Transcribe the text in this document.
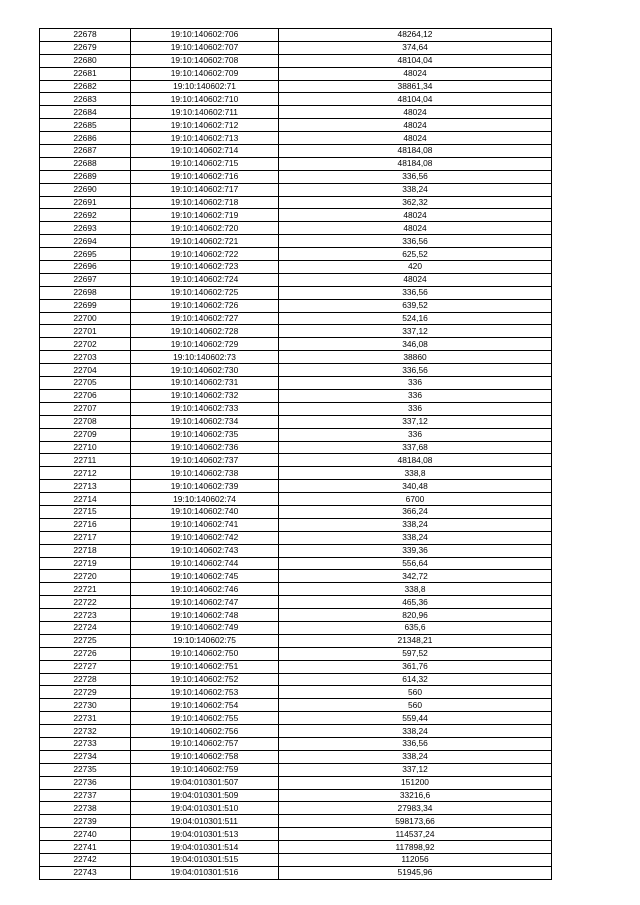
22678	19:10:140602:706	48264,12
22679	19:10:140602:707	374,64
22680	19:10:140602:708	48104,04
22681	19:10:140602:709	48024
22682	19:10:140602:71	38861,34
22683	19:10:140602:710	48104,04
22684	19:10:140602:711	48024
22685	19:10:140602:712	48024
22686	19:10:140602:713	48024
22687	19:10:140602:714	48184,08
22688	19:10:140602:715	48184,08
22689	19:10:140602:716	336,56
22690	19:10:140602:717	338,24
22691	19:10:140602:718	362,32
22692	19:10:140602:719	48024
22693	19:10:140602:720	48024
22694	19:10:140602:721	336,56
22695	19:10:140602:722	625,52
22696	19:10:140602:723	420
22697	19:10:140602:724	48024
22698	19:10:140602:725	336,56
22699	19:10:140602:726	639,52
22700	19:10:140602:727	524,16
22701	19:10:140602:728	337,12
22702	19:10:140602:729	346,08
22703	19:10:140602:73	38860
22704	19:10:140602:730	336,56
22705	19:10:140602:731	336
22706	19:10:140602:732	336
22707	19:10:140602:733	336
22708	19:10:140602:734	337,12
22709	19:10:140602:735	336
22710	19:10:140602:736	337,68
22711	19:10:140602:737	48184,08
22712	19:10:140602:738	338,8
22713	19:10:140602:739	340,48
22714	19:10:140602:74	6700
22715	19:10:140602:740	366,24
22716	19:10:140602:741	338,24
22717	19:10:140602:742	338,24
22718	19:10:140602:743	339,36
22719	19:10:140602:744	556,64
22720	19:10:140602:745	342,72
22721	19:10:140602:746	338,8
22722	19:10:140602:747	465,36
22723	19:10:140602:748	820,96
22724	19:10:140602:749	635,6
22725	19:10:140602:75	21348,21
22726	19:10:140602:750	597,52
22727	19:10:140602:751	361,76
22728	19:10:140602:752	614,32
22729	19:10:140602:753	560
22730	19:10:140602:754	560
22731	19:10:140602:755	559,44
22732	19:10:140602:756	338,24
22733	19:10:140602:757	336,56
22734	19:10:140602:758	338,24
22735	19:10:140602:759	337,12
22736	19:04:010301:507	151200
22737	19:04:010301:509	33216,6
22738	19:04:010301:510	27983,34
22739	19:04:010301:511	598173,66
22740	19:04:010301:513	114537,24
22741	19:04:010301:514	117898,92
22742	19:04:010301:515	112056
22743	19:04:010301:516	51945,96
